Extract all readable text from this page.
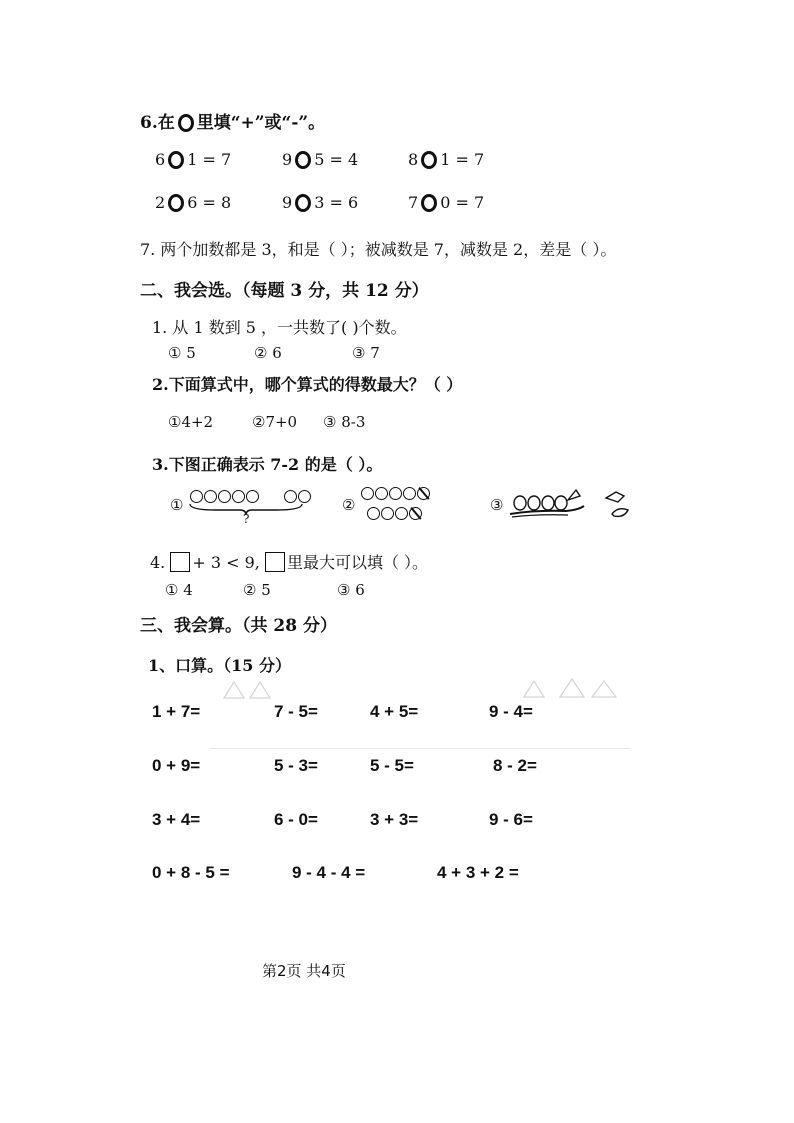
6.在 里填“+”或“-”。
6 1 = 7	9 5 = 4	8 1 = 7
2 6 = 8	9 3 = 6	7 0 = 7
7. 两个加数都是 3，和是（ ）；被减数是 7，减数是 2，差是（ ）。
二、我会选。（每题 3 分，共 12 分）
1. 从 1 数到 5 ，一共数了( )个数。
① 5	② 6	③ 7
2.下面算式中，哪个算式的得数最大？（ ）
①4+2	②7+0 ③ 8-3
3.下图正确表示 7-2 的是（ ）。
①

?
②	③
4. + 3 < 9, 里最大可以填（ ）。
① 4	② 5	③ 6
三、我会算。（共 28 分）
1、口算。（15 分）
1 + 7=	7 - 5=	4 + 5=	9 - 4=
0 + 9=	5 - 3=	5 - 5=	8 - 2=
3 + 4=	6 - 0=	3 + 3=	9 - 6=
0 + 8 - 5 =	9 - 4 - 4 =	4 + 3 + 2 =
第2页 共4页
